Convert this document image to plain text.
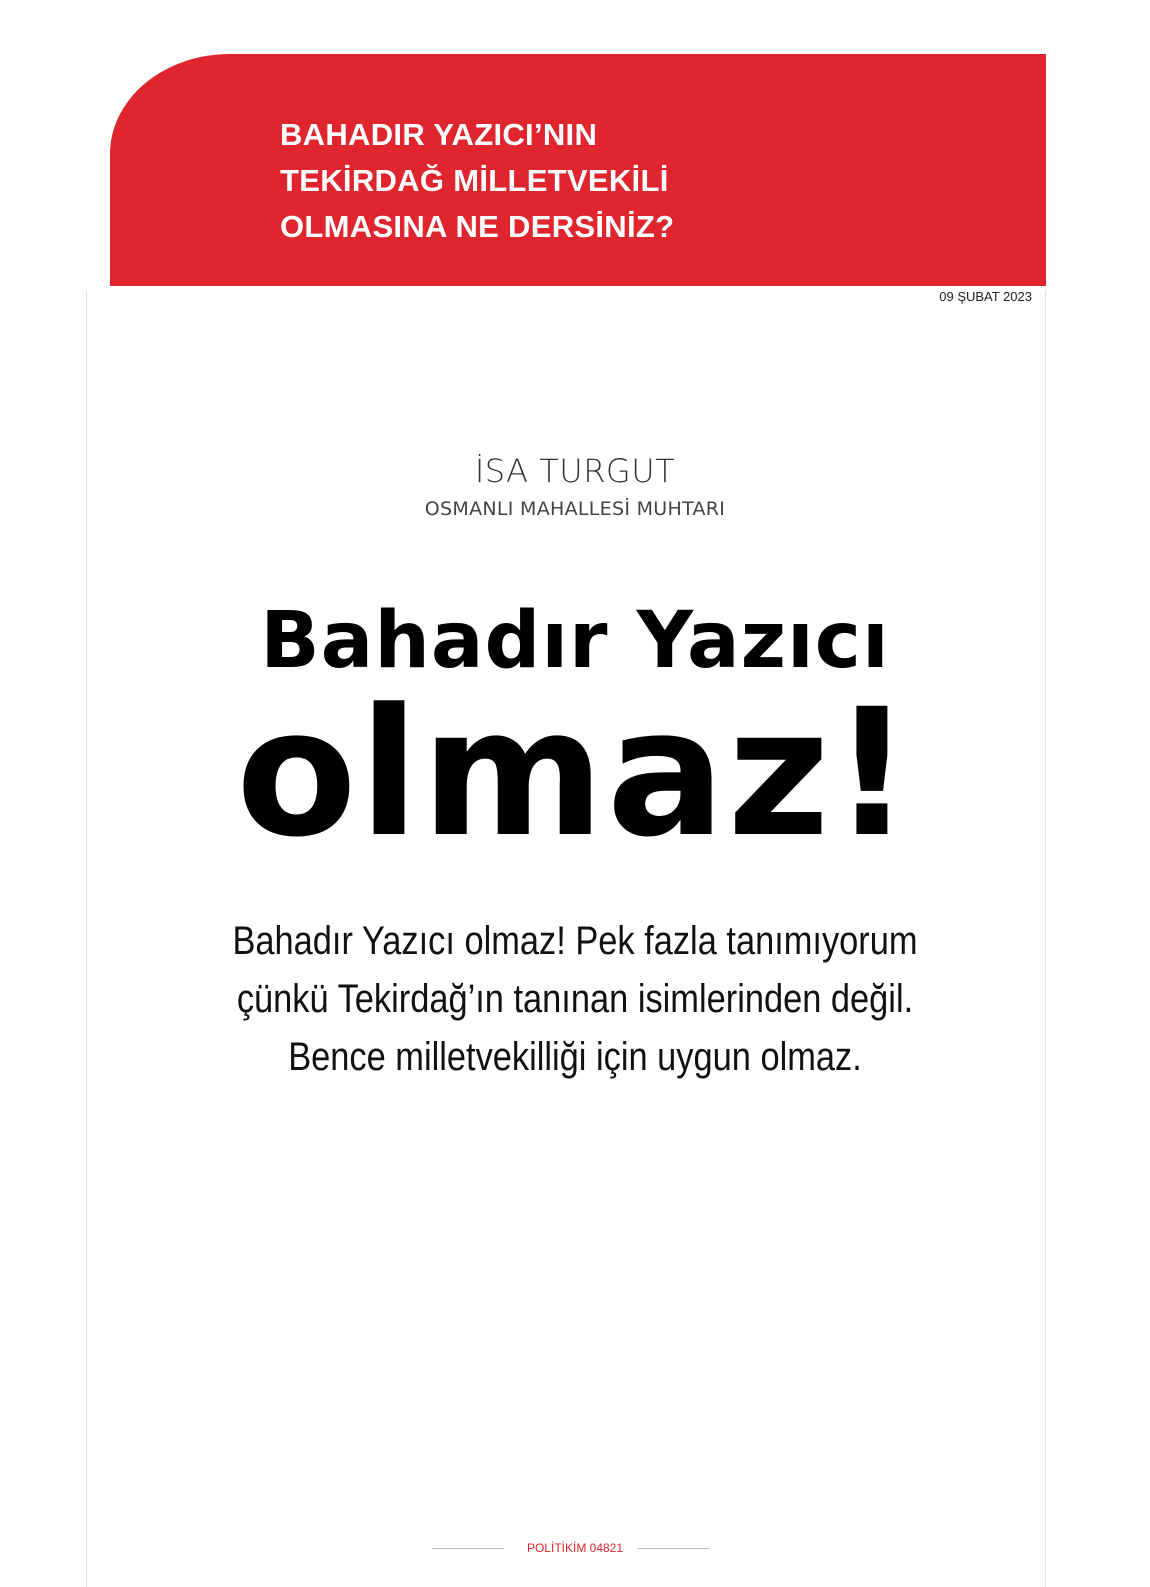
BAHADIR YAZICI’NIN
TEKİRDAĞ MİLLETVEKİLİ
OLMASINA NE DERSİNİZ?
09 ŞUBAT 2023
İSA TURGUT
OSMANLI MAHALLESİ MUHTARI
Bahadır Yazıcı
olmaz!
Bahadır Yazıcı olmaz! Pek fazla tanımıyorum
çünkü Tekirdağ’ın tanınan isimlerinden değil.
Bence milletvekilliği için uygun olmaz.
POLİTİKİM 04821
